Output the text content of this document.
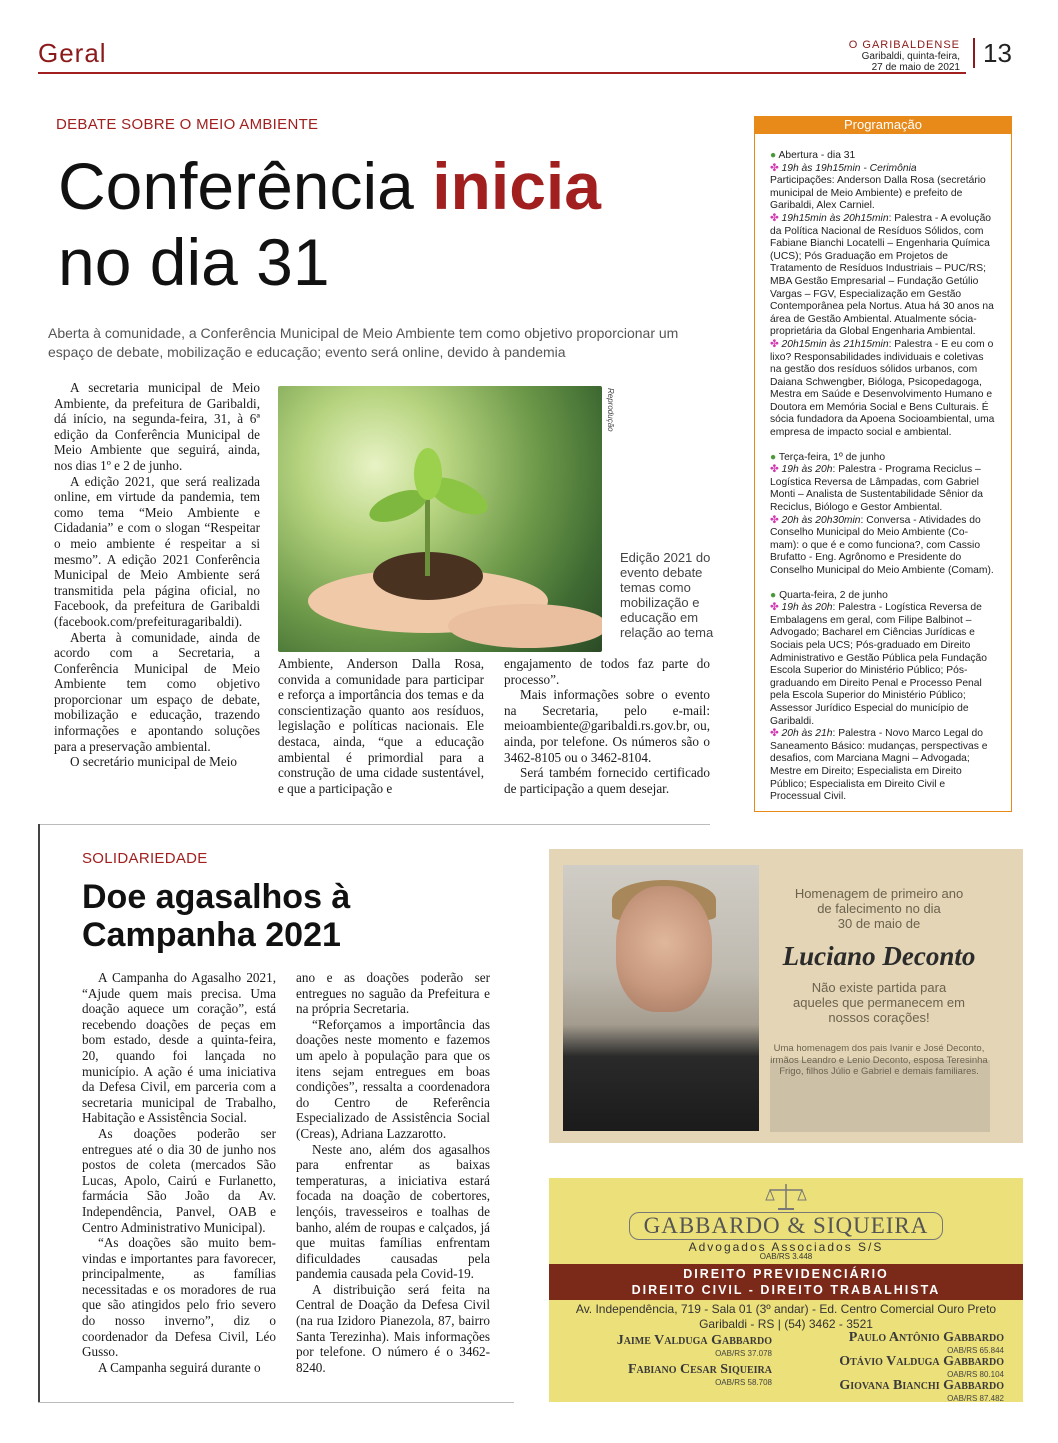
Geral	O GARIBALDENSE
Garibaldi, quinta-feira,
27 de maio de 2021 13
DEBATE SOBRE O MEIO AMBIENTE
Conferência inicia
no dia 31
Aberta à comunidade, a Conferência Municipal de Meio Ambiente tem como objetivo proporcionar um espaço de debate, mobilização e educação; evento será online, devido à pandemia

A secretaria municipal de Meio Ambiente, da prefeitura de Garibaldi, dá início, na segunda-feira, 31, à 6ª edição da Conferência Municipal de Meio Ambiente que seguirá, ainda, nos dias 1º e 2 de junho.

A edição 2021, que será realizada online, em virtude da pandemia, tem como tema “Meio Ambiente e Cidadania” e com o slogan “Respeitar o meio ambiente é respeitar a si mesmo”. A edição 2021 Conferência Municipal de Meio Ambiente será transmitida pela página oficial, no Facebook, da prefeitura de Garibaldi (facebook.com/prefeituragaribaldi).

Aberta à comunidade, ainda de acordo com a Secretaria, a Conferência Municipal de Meio Ambiente tem como objetivo proporcionar um espaço de debate, mobilização e educação, trazendo informações e apontando soluções para a preservação ambiental.

O secretário municipal de Meio

Reprodução
Edição 2021 do evento debate temas como mobilização e educação em relação ao tema

Ambiente, Anderson Dalla Rosa, convida a comunidade para participar e reforça a importância dos temas e da conscientização quanto aos resíduos, legislação e políticas nacionais. Ele destaca, ainda, “que a educação ambiental é primordial para a construção de uma cidade sustentável, e que a participação e

engajamento de todos faz parte do processo”.

Mais informações sobre o evento na Secretaria, pelo e-mail: meioambiente@garibaldi.rs.gov.br, ou, ainda, por telefone. Os números são o 3462-8105 ou o 3462-8104.

Será também fornecido certificado de participação a quem desejar.

Programação
● Abertura - dia 31
✤ 19h às 19h15min - Cerimônia
Participações: Anderson Dalla Rosa (secretário municipal de Meio Ambiente) e prefeito de Garibaldi, Alex Carniel.
✤ 19h15min às 20h15min: Palestra - A evolução da Política Nacional de Resíduos Sólidos, com Fabiane Bianchi Locatelli – Engenharia Química (UCS); Pós Graduação em Projetos de Tratamento de Resíduos Industriais – PUC/RS; MBA Gestão Empresarial – Fundação Getúlio Vargas – FGV, Especialização em Gestão Contemporânea pela Nortus. Atua há 30 anos na área de Gestão Ambiental. Atualmente sócia-proprietária da Global Engenharia Ambiental.
✤ 20h15min às 21h15min: Palestra - E eu com o lixo? Responsabilidades individuais e coletivas na gestão dos resíduos sólidos urbanos, com Daiana Schwengber, Bióloga, Psicopedagoga, Mestra em Saúde e Desenvolvimento Humano e Doutora em Memória Social e Bens Culturais. É sócia fundadora da Apoena Socioambiental, uma empresa de impacto social e ambiental.
● Terça-feira, 1º de junho
✤ 19h às 20h: Palestra - Programa Reciclus – Logística Reversa de Lâmpadas, com Gabriel Monti – Analista de Sustentabilidade Sênior da Reciclus, Biólogo e Gestor Ambiental.
✤ 20h às 20h30min: Conversa - Atividades do Conselho Municipal do Meio Ambiente (Co-mam): o que é e como funciona?, com Cassio Brufatto - Eng. Agrônomo e Presidente do Conselho Municipal do Meio Ambiente (Comam).
● Quarta-feira, 2 de junho
✤ 19h às 20h: Palestra - Logística Reversa de Embalagens em geral, com Filipe Balbinot – Advogado; Bacharel em Ciências Jurídicas e Sociais pela UCS; Pós-graduado em Direito Administrativo e Gestão Pública pela Fundação Escola Superior do Ministério Público; Pós-graduando em Direito Penal e Processo Penal pela Escola Superior do Ministério Público; Assessor Jurídico Especial do município de Garibaldi.
✤ 20h às 21h: Palestra - Novo Marco Legal do Saneamento Básico: mudanças, perspectivas e desafios, com Marciana Magni – Advogada; Mestre em Direito; Especialista em Direito Público; Especialista em Direito Civil e Processual Civil.
SOLIDARIEDADE
Doe agasalhos à Campanha 2021

A Campanha do Agasalho 2021, “Ajude quem mais precisa. Uma doação aquece um coração”, está recebendo doações de peças em bom estado, desde a quinta-feira, 20, quando foi lançada no município. A ação é uma iniciativa da Defesa Civil, em parceria com a secretaria municipal de Trabalho, Habitação e Assistência Social.

As doações poderão ser entregues até o dia 30 de junho nos postos de coleta (mercados São Lucas, Apolo, Cairú e Furlanetto, farmácia São João da Av. Independência, Panvel, OAB e Centro Administrativo Municipal).

“As doações são muito bem-vindas e importantes para favorecer, principalmente, as famílias necessitadas e os moradores de rua que são atingidos pelo frio severo do nosso inverno”, diz o coordenador da Defesa Civil, Léo Gusso.

A Campanha seguirá durante o

ano e as doações poderão ser entregues no saguão da Prefeitura e na própria Secretaria.

“Reforçamos a importância das doações neste momento e fazemos um apelo à população para que os itens sejam entregues em boas condições”, ressalta a coordenadora do Centro de Referência Especializado de Assistência Social (Creas), Adriana Lazzarotto.

Neste ano, além dos agasalhos para enfrentar as baixas temperaturas, a iniciativa estará focada na doação de cobertores, lençóis, travesseiros e toalhas de banho, além de roupas e calçados, já que muitas famílias enfrentam dificuldades causadas pela pandemia causada pela Covid-19.

A distribuição será feita na Central de Doação da Defesa Civil (na rua Izidoro Pianezola, 87, bairro Santa Terezinha). Mais informações por telefone. O número é o 3462-8240.

Homenagem de primeiro ano
de falecimento no dia
30 de maio de
Luciano Deconto
Não existe partida para
aqueles que permanecem em
nossos corações!
Uma homenagem dos pais Ivanir e José Deconto, irmãos Leandro e Lenio Deconto, esposa Teresinha Frigo, filhos Júlio e Gabriel e demais familiares.
GABBARDO & SIQUEIRA
Advogados Associados S/S
OAB/RS 3.448
DIREITO PREVIDENCIÁRIO
DIREITO CIVIL - DIREITO TRABALHISTA
Av. Independência, 719 - Sala 01 (3º andar) - Ed. Centro Comercial Ouro Preto
Garibaldi - RS | (54) 3462 - 3521
Jaime Valduga Gabbardo
OAB/RS 37.078
Paulo Antônio Gabbardo
OAB/RS 65.844
Fabiano Cesar Siqueira
OAB/RS 58.708
Otávio Valduga Gabbardo
OAB/RS 80.104
Giovana Bianchi Gabbardo
OAB/RS 87.482
